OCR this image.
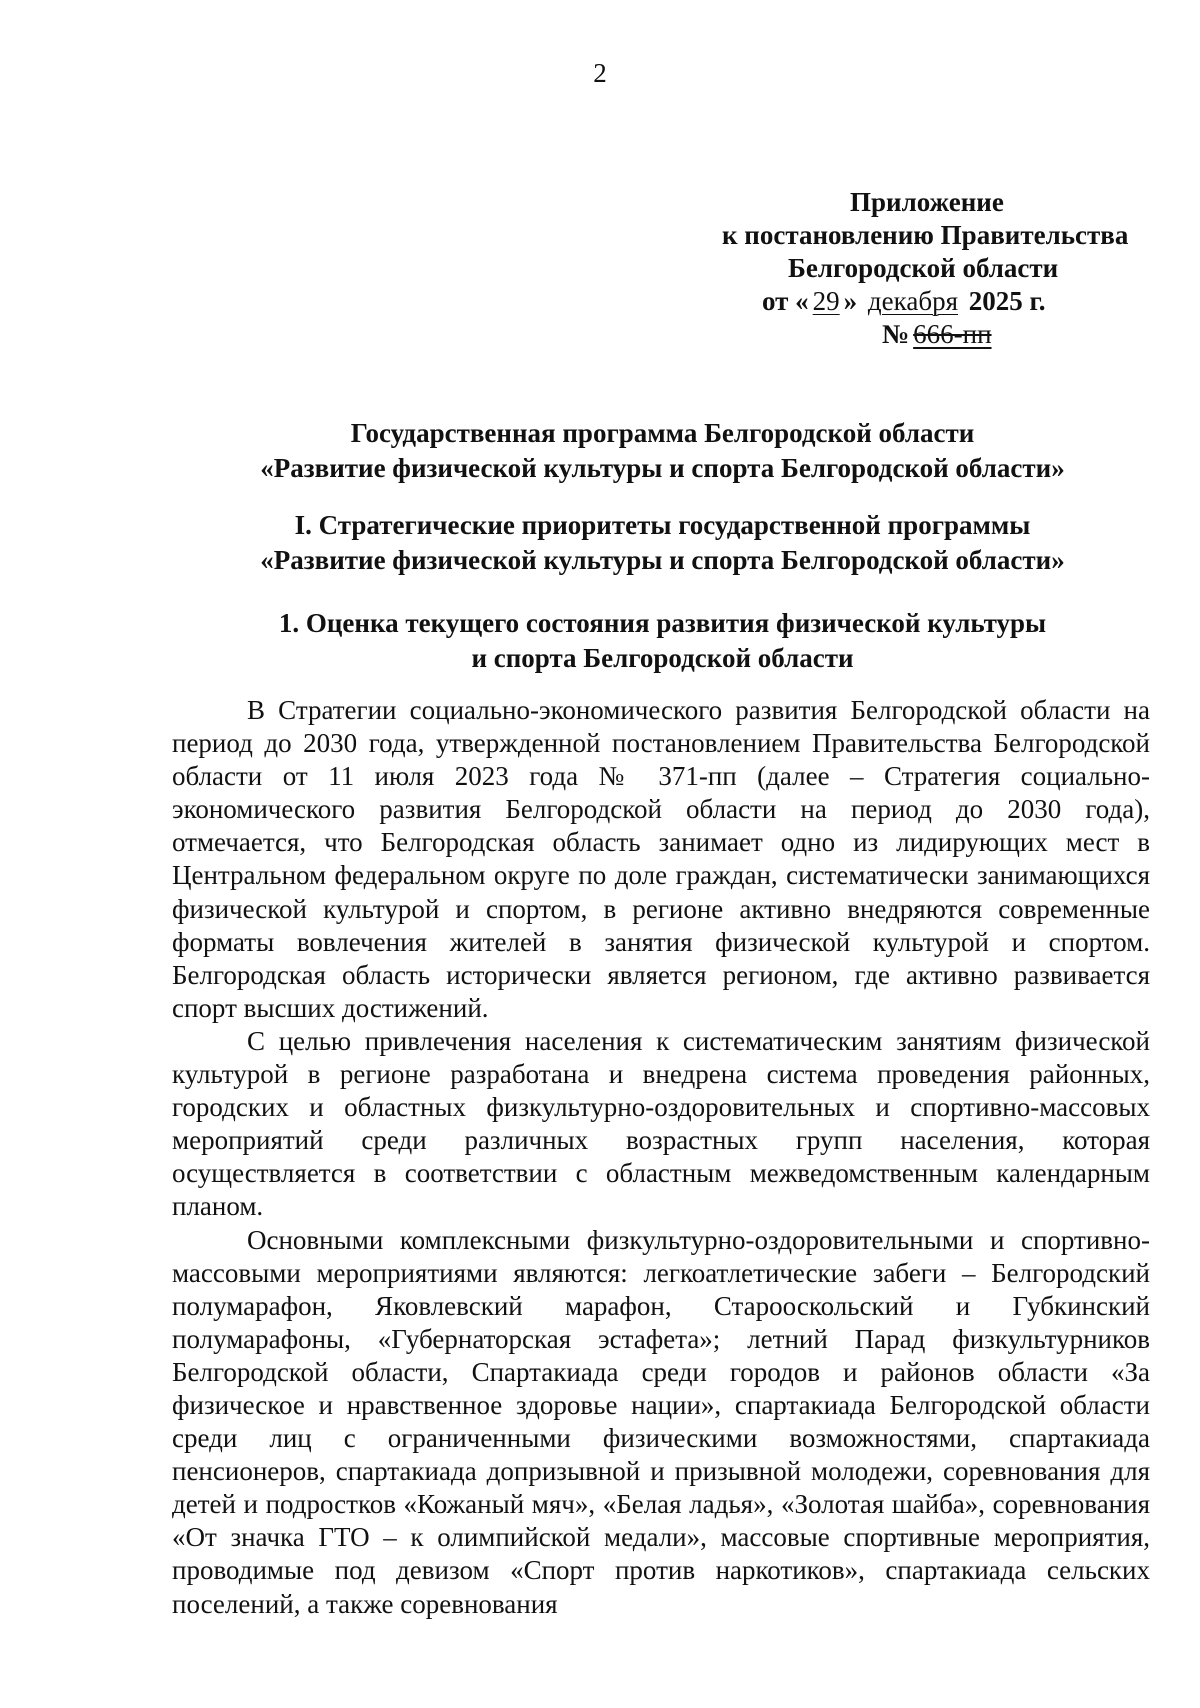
2
Приложение
к постановлению Правительства
Белгородской области
от « 29 » декабря 2025 г.
№ 666-пп
Государственная программа Белгородской области
«Развитие физической культуры и спорта Белгородской области»
I. Стратегические приоритеты государственной программы
«Развитие физической культуры и спорта Белгородской области»
1. Оценка текущего состояния развития физической культуры
и спорта Белгородской области

В Стратегии социально-экономического развития Белгородской области на период до 2030 года, утвержденной постановлением Правительства Белгородской области от 11 июля 2023 года № 371-пп (далее – Стратегия социально-экономического развития Белгородской области на период до 2030 года), отмечается, что Белгородская область занимает одно из лидирующих мест в Центральном федеральном округе по доле граждан, систематически занимающихся физической культурой и спортом, в регионе активно внедряются современные форматы вовлечения жителей в занятия физической культурой и спортом. Белгородская область исторически является регионом, где активно развивается спорт высших достижений.

С целью привлечения населения к систематическим занятиям физической культурой в регионе разработана и внедрена система проведения районных, городских и областных физкультурно-оздоровительных и спортивно-массовых мероприятий среди различных возрастных групп населения, которая осуществляется в соответствии с областным межведомственным календарным планом.

Основными комплексными физкультурно-оздоровительными и спортивно-массовыми мероприятиями являются: легкоатлетические забеги – Белгородский полумарафон, Яковлевский марафон, Старооскольский и Губкинский полумарафоны, «Губернаторская эстафета»; летний Парад физкультурников Белгородской области, Спартакиада среди городов и районов области «За физическое и нравственное здоровье нации», спартакиада Белгородской области среди лиц с ограниченными физическими возможностями, спартакиада пенсионеров, спартакиада допризывной и призывной молодежи, соревнования для детей и подростков «Кожаный мяч», «Белая ладья», «Золотая шайба», соревнования «От значка ГТО – к олимпийской медали», массовые спортивные мероприятия, проводимые под девизом «Спорт против наркотиков», спартакиада сельских поселений, а также соревнования
